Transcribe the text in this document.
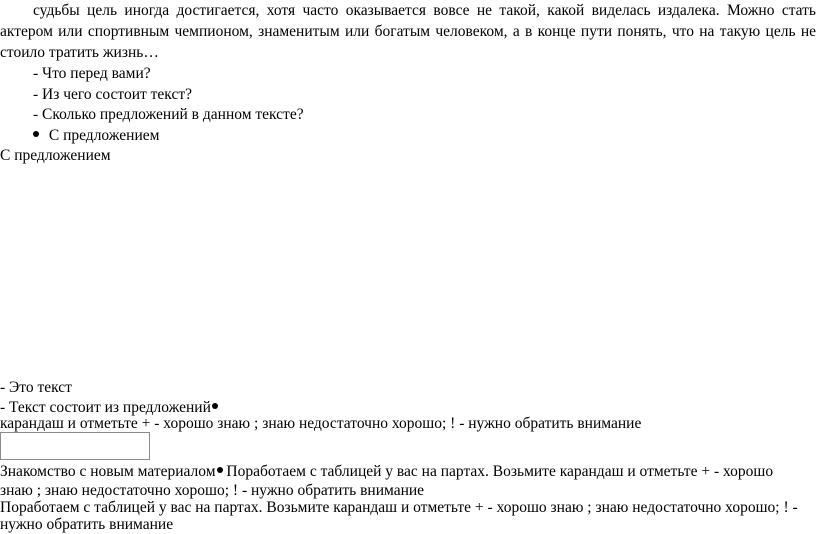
судьбы цель иногда достигается, хотя часто оказывается вовсе не такой, какой виделась издалека. Можно стать
актером или спортивным чемпионом, знаменитым или богатым человеком, а в конце пути понять, что на такую цель не
стоило тратить жизнь…
- Что перед вами?
- Из чего состоит текст?
- Сколько предложений в данном тексте?
С предложением
С предложением
- Это текст
- Текст состоит из предложений
карандаш и отметьте + - хорошо знаю ; знаю недостаточно хорошо; ! - нужно обратить внимание
Знакомство с новым материалом Поработаем с таблицей у вас на партах. Возьмите карандаш и отметьте + - хорошо
знаю ; знаю недостаточно хорошо; ! - нужно обратить внимание
Поработаем с таблицей у вас на партах. Возьмите карандаш и отметьте + - хорошо знаю ; знаю недостаточно хорошо; ! -
нужно обратить внимание
